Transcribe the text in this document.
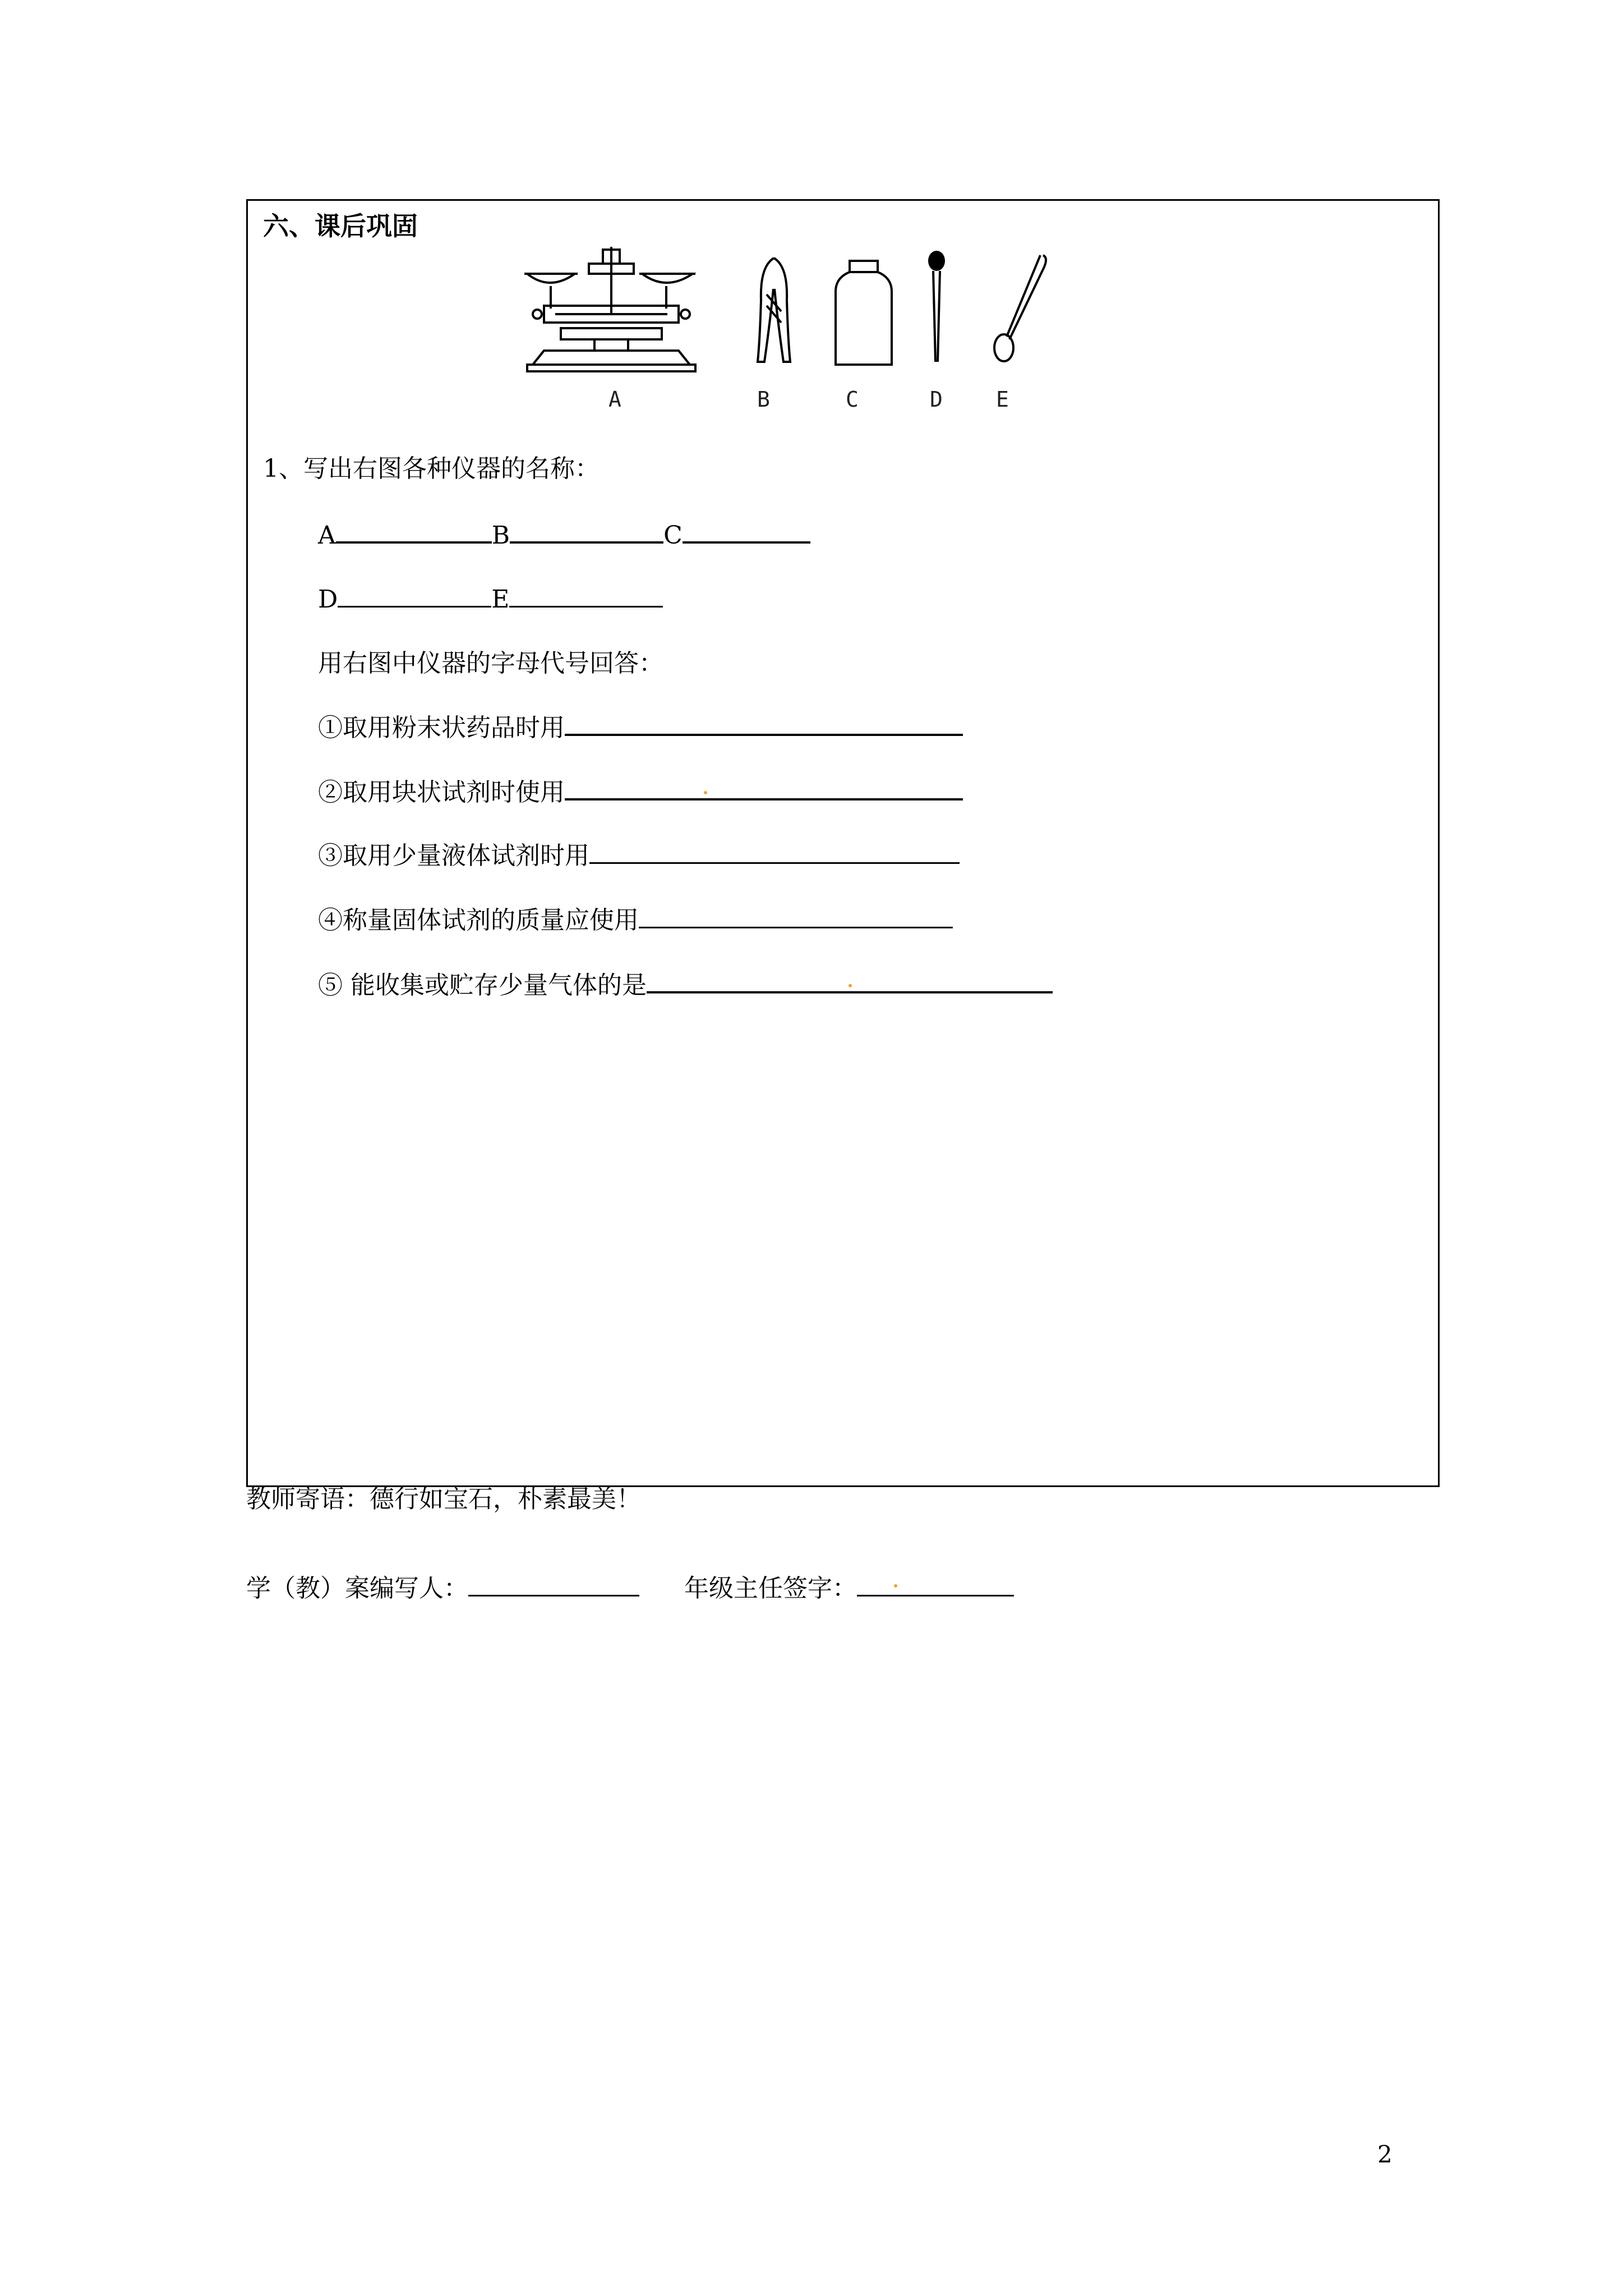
六、课后巩固
A	B	C	D	E
1、写出右图各种仪器的名称：
A	B	C
D	E
用右图中仪器的字母代号回答：
①取用粉末状药品时用
②取用块状试剂时使用
③取用少量液体试剂时用
④称量固体试剂的质量应使用
⑤ 能收集或贮存少量气体的是
教师寄语：德行如宝石，朴素最美！
学（教）案编写人：	年级主任签字：
2
